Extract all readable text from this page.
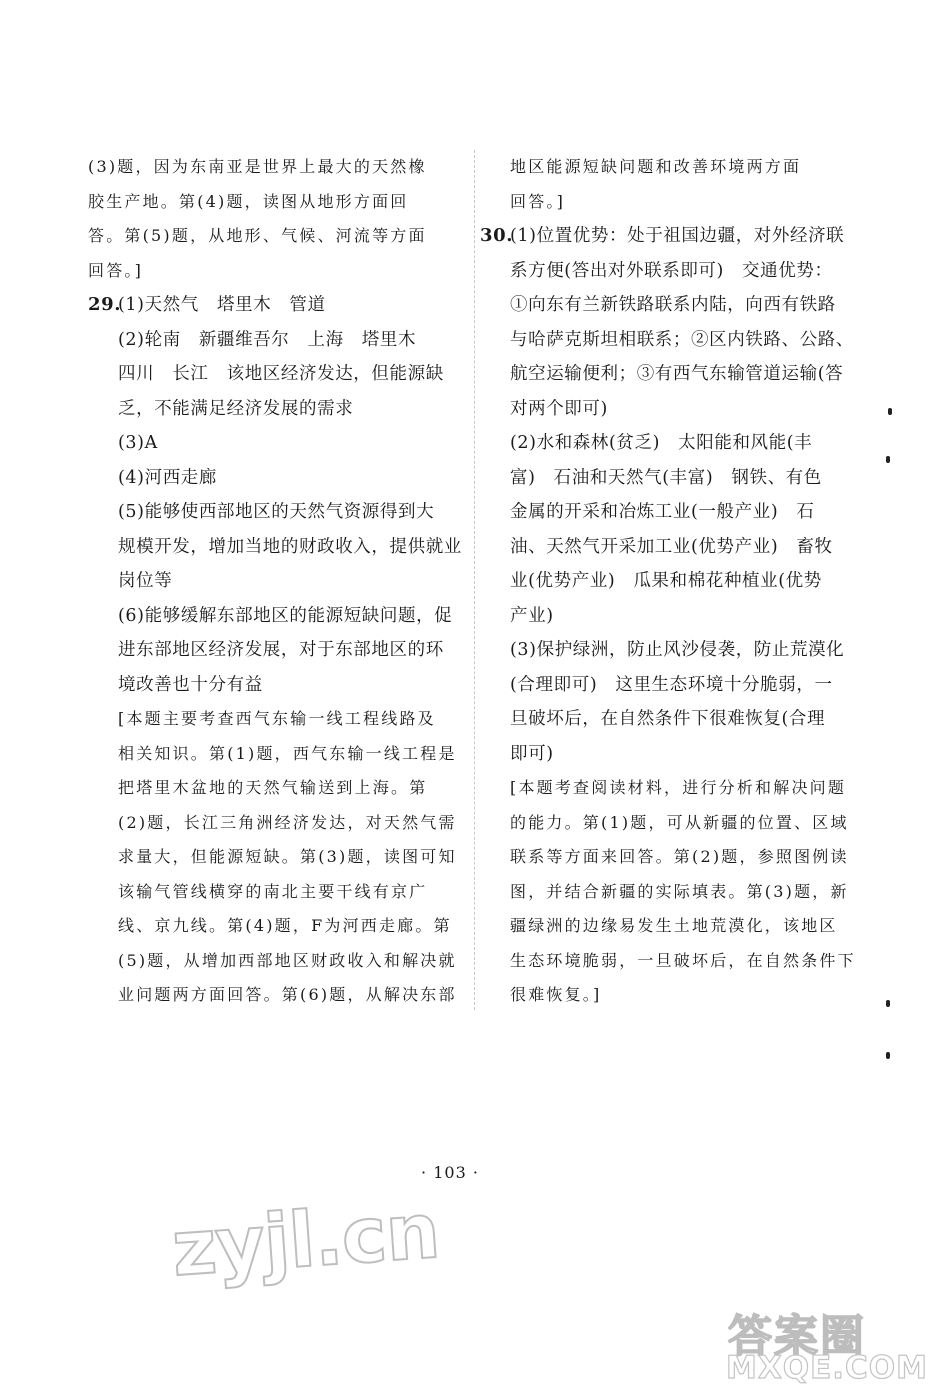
(3)题，因为东南亚是世界上最大的天然橡
胶生产地。第(4)题，读图从地形方面回
答。第(5)题，从地形、气候、河流等方面
回答。]
29.(1)天然气　塔里木　管道
(2)轮南　新疆维吾尔　上海　塔里木
四川　长江　该地区经济发达，但能源缺
乏，不能满足经济发展的需求
(3)A
(4)河西走廊
(5)能够使西部地区的天然气资源得到大
规模开发，增加当地的财政收入，提供就业
岗位等
(6)能够缓解东部地区的能源短缺问题，促
进东部地区经济发展，对于东部地区的环
境改善也十分有益
[本题主要考查西气东输一线工程线路及
相关知识。第(1)题，西气东输一线工程是
把塔里木盆地的天然气输送到上海。第
(2)题，长江三角洲经济发达，对天然气需
求量大，但能源短缺。第(3)题，读图可知
该输气管线横穿的南北主要干线有京广
线、京九线。第(4)题，F为河西走廊。第
(5)题，从增加西部地区财政收入和解决就
业问题两方面回答。第(6)题，从解决东部
地区能源短缺问题和改善环境两方面
回答。]
30.(1)位置优势：处于祖国边疆，对外经济联
系方便(答出对外联系即可)　交通优势：
①向东有兰新铁路联系内陆，向西有铁路
与哈萨克斯坦相联系；②区内铁路、公路、
航空运输便利；③有西气东输管道运输(答
对两个即可)
(2)水和森林(贫乏)　太阳能和风能(丰
富)　石油和天然气(丰富)　钢铁、有色
金属的开采和冶炼工业(一般产业)　石
油、天然气开采加工业(优势产业)　畜牧
业(优势产业)　瓜果和棉花种植业(优势
产业)
(3)保护绿洲，防止风沙侵袭，防止荒漠化
(合理即可)　这里生态环境十分脆弱，一
旦破坏后，在自然条件下很难恢复(合理
即可)
[本题考查阅读材料，进行分析和解决问题
的能力。第(1)题，可从新疆的位置、区域
联系等方面来回答。第(2)题，参照图例读
图，并结合新疆的实际填表。第(3)题，新
疆绿洲的边缘易发生土地荒漠化，该地区
生态环境脆弱，一旦破坏后，在自然条件下
很难恢复。]
· 103 ·
zyjl.cn
答案圈
MXQE.COM
